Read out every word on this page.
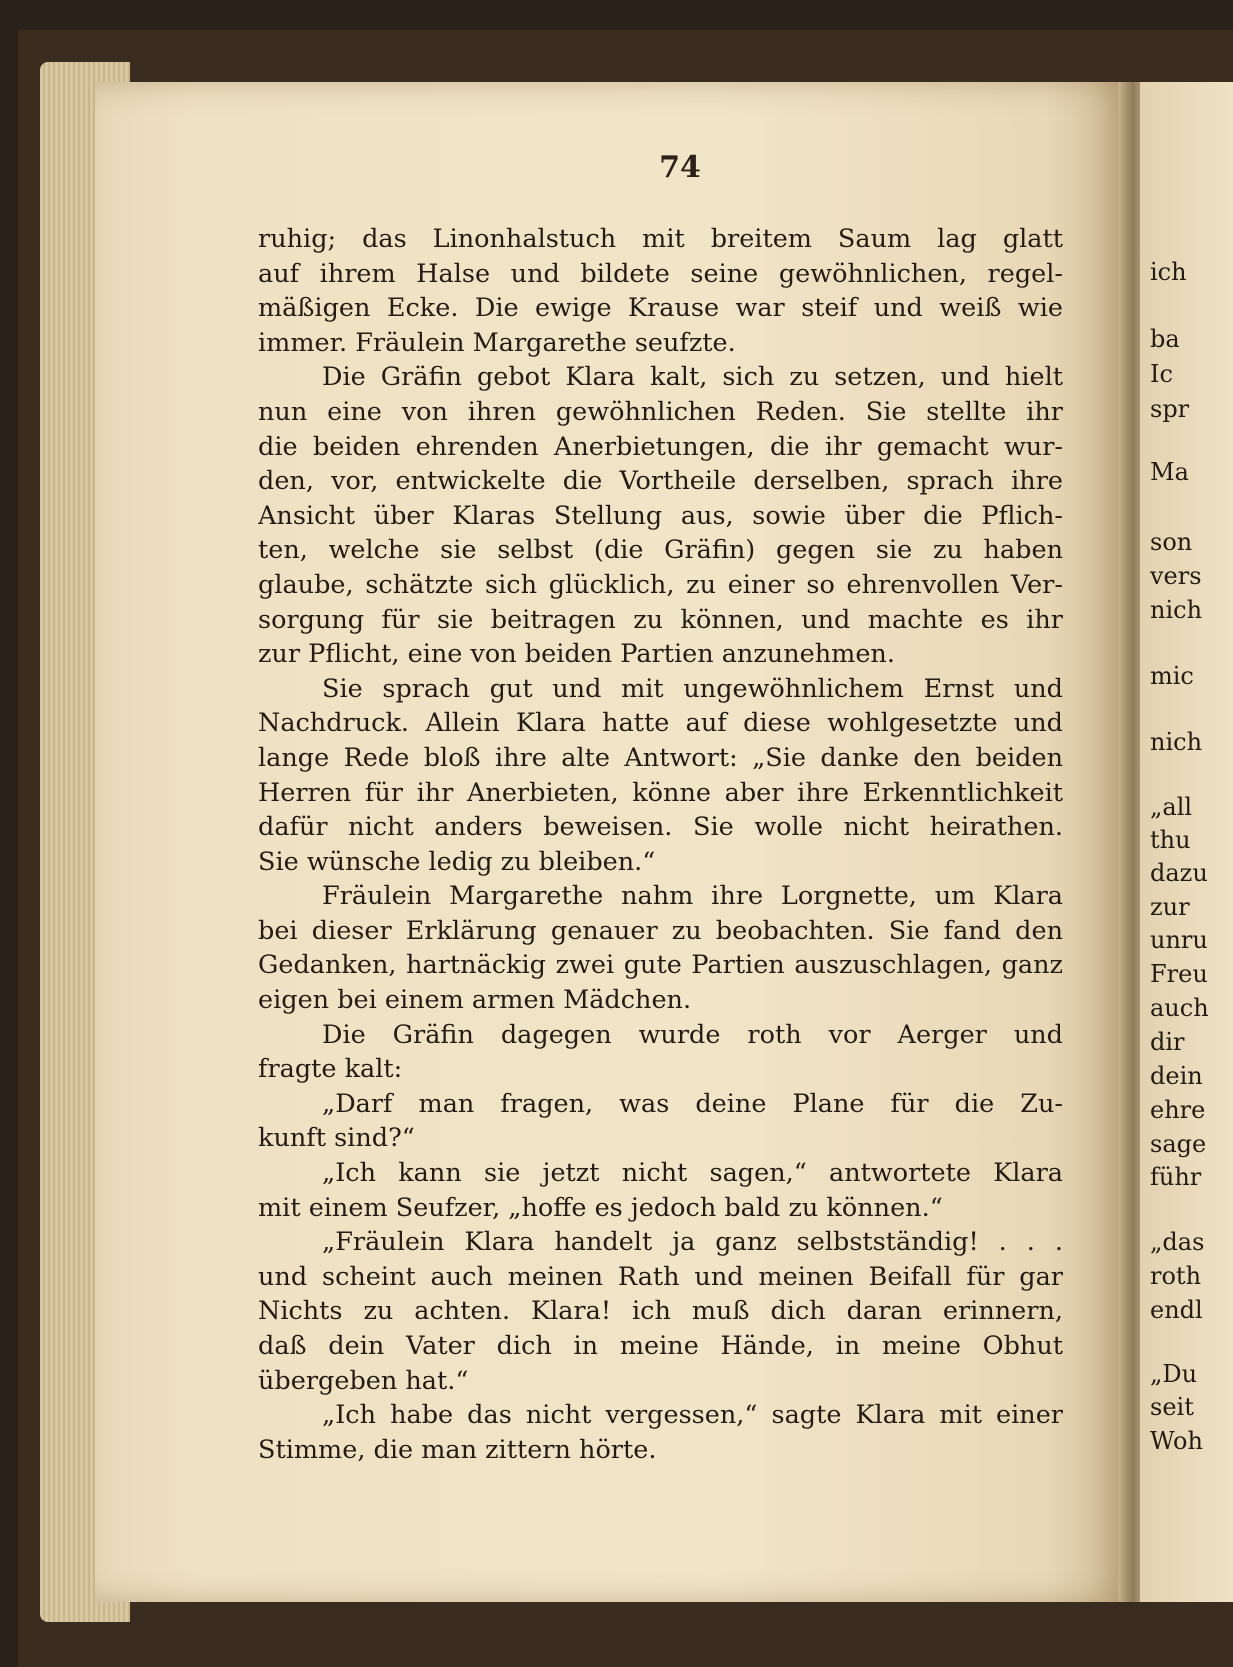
74
ruhig; das Linonhalstuch mit breitem Saum lag glatt
auf ihrem Halse und bildete seine gewöhnlichen, regel-
mäßigen Ecke. Die ewige Krause war steif und weiß wie
immer. Fräulein Margarethe seufzte.
Die Gräfin gebot Klara kalt, sich zu setzen, und hielt
nun eine von ihren gewöhnlichen Reden. Sie stellte ihr
die beiden ehrenden Anerbietungen, die ihr gemacht wur-
den, vor, entwickelte die Vortheile derselben, sprach ihre
Ansicht über Klaras Stellung aus, sowie über die Pflich-
ten, welche sie selbst (die Gräfin) gegen sie zu haben
glaube, schätzte sich glücklich, zu einer so ehrenvollen Ver-
sorgung für sie beitragen zu können, und machte es ihr
zur Pflicht, eine von beiden Partien anzunehmen.
Sie sprach gut und mit ungewöhnlichem Ernst und
Nachdruck. Allein Klara hatte auf diese wohlgesetzte und
lange Rede bloß ihre alte Antwort: „Sie danke den beiden
Herren für ihr Anerbieten, könne aber ihre Erkenntlichkeit
dafür nicht anders beweisen. Sie wolle nicht heirathen.
Sie wünsche ledig zu bleiben.“
Fräulein Margarethe nahm ihre Lorgnette, um Klara
bei dieser Erklärung genauer zu beobachten. Sie fand den
Gedanken, hartnäckig zwei gute Partien auszuschlagen, ganz
eigen bei einem armen Mädchen.
Die Gräfin dagegen wurde roth vor Aerger und
fragte kalt:
„Darf man fragen, was deine Plane für die Zu-
kunft sind?“
„Ich kann sie jetzt nicht sagen,“ antwortete Klara
mit einem Seufzer, „hoffe es jedoch bald zu können.“
„Fräulein Klara handelt ja ganz selbstständig! . . .
und scheint auch meinen Rath und meinen Beifall für gar
Nichts zu achten. Klara! ich muß dich daran erinnern,
daß dein Vater dich in meine Hände, in meine Obhut
übergeben hat.“
„Ich habe das nicht vergessen,“ sagte Klara mit einer
Stimme, die man zittern hörte.
ich
ba
Ic
spr
Ma
son
vers
nich
mic
nich
„all
thu
dazu
zur
unru
Freu
auch
dir
dein
ehre
sage
führ
„das
roth
endl
„Du
seit
Woh
